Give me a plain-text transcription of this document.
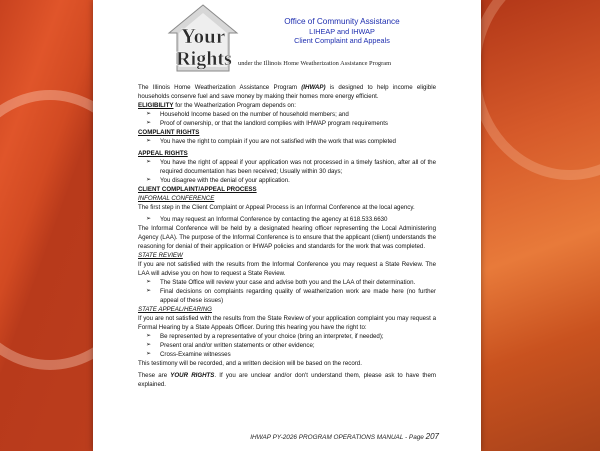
Your
Rights
Office of Community Assistance
LIHEAP and IHWAP
Client Complaint and Appeals
under the Illinois Home Weatherization Assistance Program

The Illinois Home Weatherization Assistance Program (IHWAP) is designed to help income eligible households conserve fuel and save money by making their homes more energy efficient.

ELIGIBILITY for the Weatherization Program depends on:

➢ Household Income based on the number of household members; and

➢ Proof of ownership, or that the landlord complies with IHWAP program requirements

COMPLAINT RIGHTS

➢ You have the right to complain if you are not satisfied with the work that was completed

APPEAL RIGHTS

➢ You have the right of appeal if your application was not processed in a timely fashion, after all of the required documentation has been received; Usually within 30 days;

➢ You disagree with the denial of your application.

CLIENT COMPLAINT/APPEAL PROCESS

INFORMAL CONFERENCE

The first step in the Client Complaint or Appeal Process is an Informal Conference at the local agency.

➢ You may request an Informal Conference by contacting the agency at 618.533.6630

The Informal Conference will be held by a designated hearing officer representing the Local Administering Agency (LAA). The purpose of the Informal Conference is to ensure that the applicant (client) understands the reasoning for denial of their application or IHWAP policies and standards for the work that was completed.

STATE REVIEW

If you are not satisfied with the results from the Informal Conference you may request a State Review. The LAA will advise you on how to request a State Review.

➢ The State Office will review your case and advise both you and the LAA of their determination.

➢ Final decisions on complaints regarding quality of weatherization work are made here (no further appeal of these issues)

STATE APPEAL/HEARING

If you are not satisfied with the results from the State Review of your application complaint you may request a Formal Hearing by a State Appeals Officer. During this hearing you have the right to:

➢ Be represented by a representative of your choice (bring an interpreter, if needed);

➢ Present oral and/or written statements or other evidence;

➢ Cross-Examine witnesses

This testimony will be recorded, and a written decision will be based on the record.

These are YOUR RIGHTS. If you are unclear and/or don't understand them, please ask to have them explained.

IHWAP PY-2026 PROGRAM OPERATIONS MANUAL - Page 207
